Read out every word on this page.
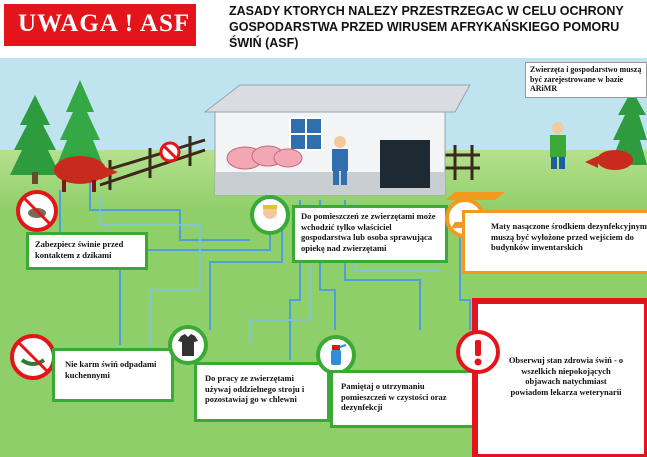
UWAGA ! ASF	ZASADY KTORYCH NALEZY PRZESTRZEGAC W CELU OCHRONY GOSPODARSTWA PRZED WIRUSEM AFRYKAŃSKIEGO POMORU ŚWIŃ (ASF)
Zwierzęta i gospodarstwo muszą być zarejestrowane w bazie ARiMR
Zabezpiecz świnie przed kontaktem z dzikami
Do pomieszczeń ze zwierzętami może wchodzić tylko właściciel gospodarstwa lub osoba sprawująca opiekę nad zwierzętami
Maty nasączone środkiem dezynfekcyjnym muszą być wyłożone przed wejściem do budynków inwentarskich
Nie karm świń odpadami kuchennymi	Do pracy ze zwierzętami używaj oddzielnego stroju i pozostawiaj go w chlewni
Pamiętaj o utrzymaniu pomieszczeń w czystości oraz dezynfekcji
Obserwuj stan zdrowia świń - o wszelkich niepokojących objawach natychmiast powiadom lekarza weterynarii
